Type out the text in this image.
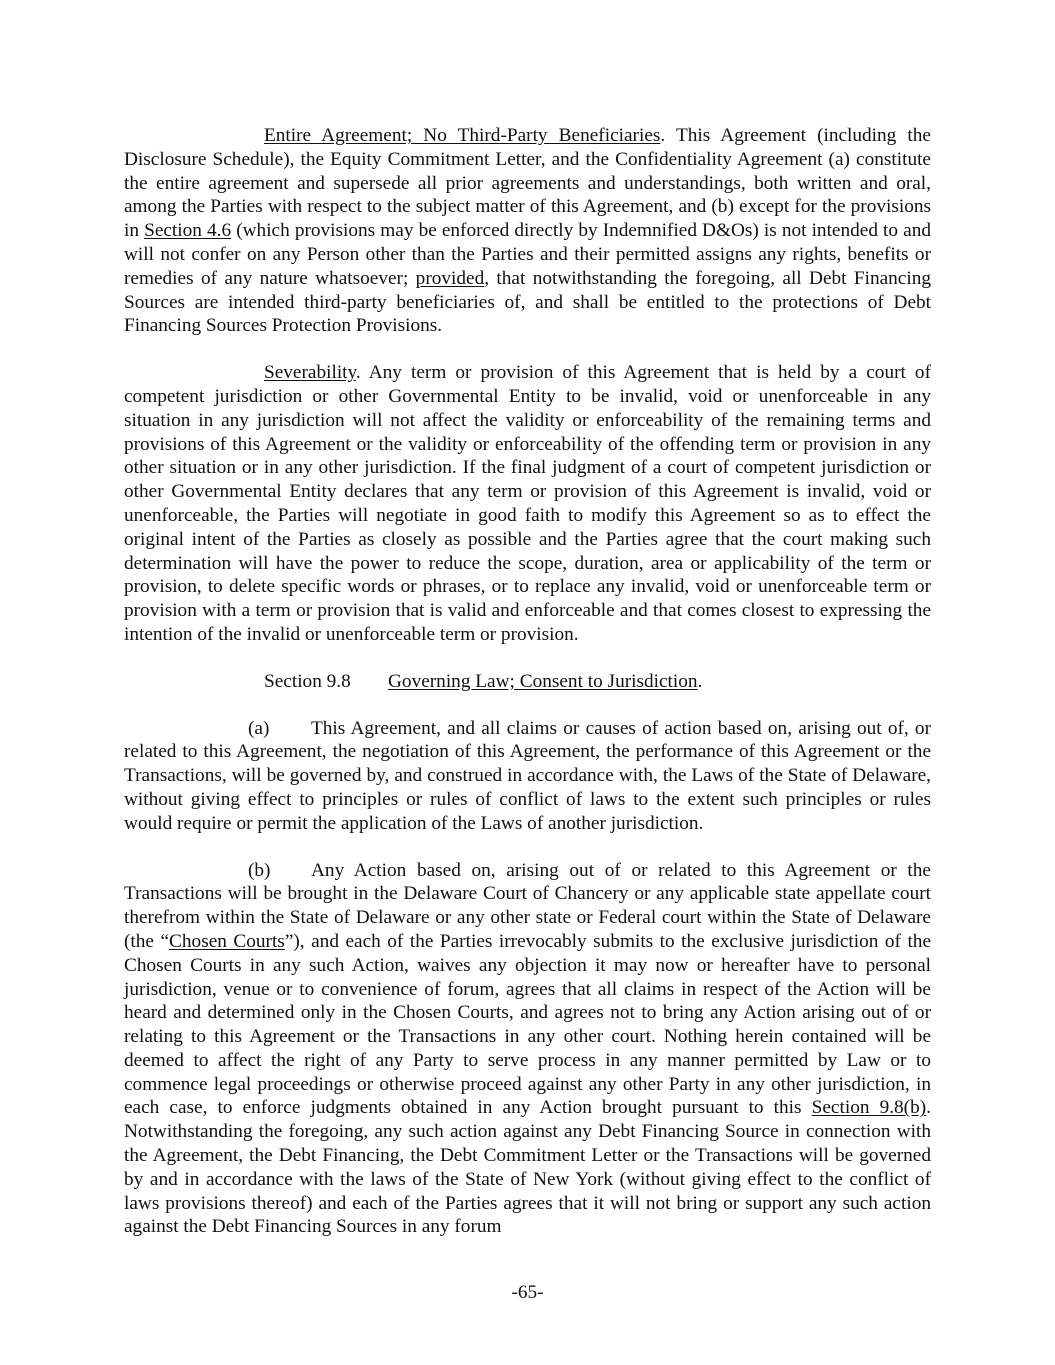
Entire Agreement; No Third-Party Beneficiaries. This Agreement (including the Disclosure Schedule), the Equity Commitment Letter, and the Confidentiality Agreement (a) constitute the entire agreement and supersede all prior agreements and understandings, both written and oral, among the Parties with respect to the subject matter of this Agreement, and (b) except for the provisions in Section 4.6 (which provisions may be enforced directly by Indemnified D&Os) is not intended to and will not confer on any Person other than the Parties and their permitted assigns any rights, benefits or remedies of any nature whatsoever; provided, that notwithstanding the foregoing, all Debt Financing Sources are intended third-party beneficiaries of, and shall be entitled to the protections of Debt Financing Sources Protection Provisions.

Severability. Any term or provision of this Agreement that is held by a court of competent jurisdiction or other Governmental Entity to be invalid, void or unenforceable in any situation in any jurisdiction will not affect the validity or enforceability of the remaining terms and provisions of this Agreement or the validity or enforceability of the offending term or provision in any other situation or in any other jurisdiction. If the final judgment of a court of competent jurisdiction or other Governmental Entity declares that any term or provision of this Agreement is invalid, void or unenforceable, the Parties will negotiate in good faith to modify this Agreement so as to effect the original intent of the Parties as closely as possible and the Parties agree that the court making such determination will have the power to reduce the scope, duration, area or applicability of the term or provision, to delete specific words or phrases, or to replace any invalid, void or unenforceable term or provision with a term or provision that is valid and enforceable and that comes closest to expressing the intention of the invalid or unenforceable term or provision.

Section 9.8 Governing Law; Consent to Jurisdiction.

(a) This Agreement, and all claims or causes of action based on, arising out of, or related to this Agreement, the negotiation of this Agreement, the performance of this Agreement or the Transactions, will be governed by, and construed in accordance with, the Laws of the State of Delaware, without giving effect to principles or rules of conflict of laws to the extent such principles or rules would require or permit the application of the Laws of another jurisdiction.

(b) Any Action based on, arising out of or related to this Agreement or the Transactions will be brought in the Delaware Court of Chancery or any applicable state appellate court therefrom within the State of Delaware or any other state or Federal court within the State of Delaware (the “Chosen Courts”), and each of the Parties irrevocably submits to the exclusive jurisdiction of the Chosen Courts in any such Action, waives any objection it may now or hereafter have to personal jurisdiction, venue or to convenience of forum, agrees that all claims in respect of the Action will be heard and determined only in the Chosen Courts, and agrees not to bring any Action arising out of or relating to this Agreement or the Transactions in any other court. Nothing herein contained will be deemed to affect the right of any Party to serve process in any manner permitted by Law or to commence legal proceedings or otherwise proceed against any other Party in any other jurisdiction, in each case, to enforce judgments obtained in any Action brought pursuant to this Section 9.8(b). Notwithstanding the foregoing, any such action against any Debt Financing Source in connection with the Agreement, the Debt Financing, the Debt Commitment Letter or the Transactions will be governed by and in accordance with the laws of the State of New York (without giving effect to the conflict of laws provisions thereof) and each of the Parties agrees that it will not bring or support any such action against the Debt Financing Sources in any forum

-65-
